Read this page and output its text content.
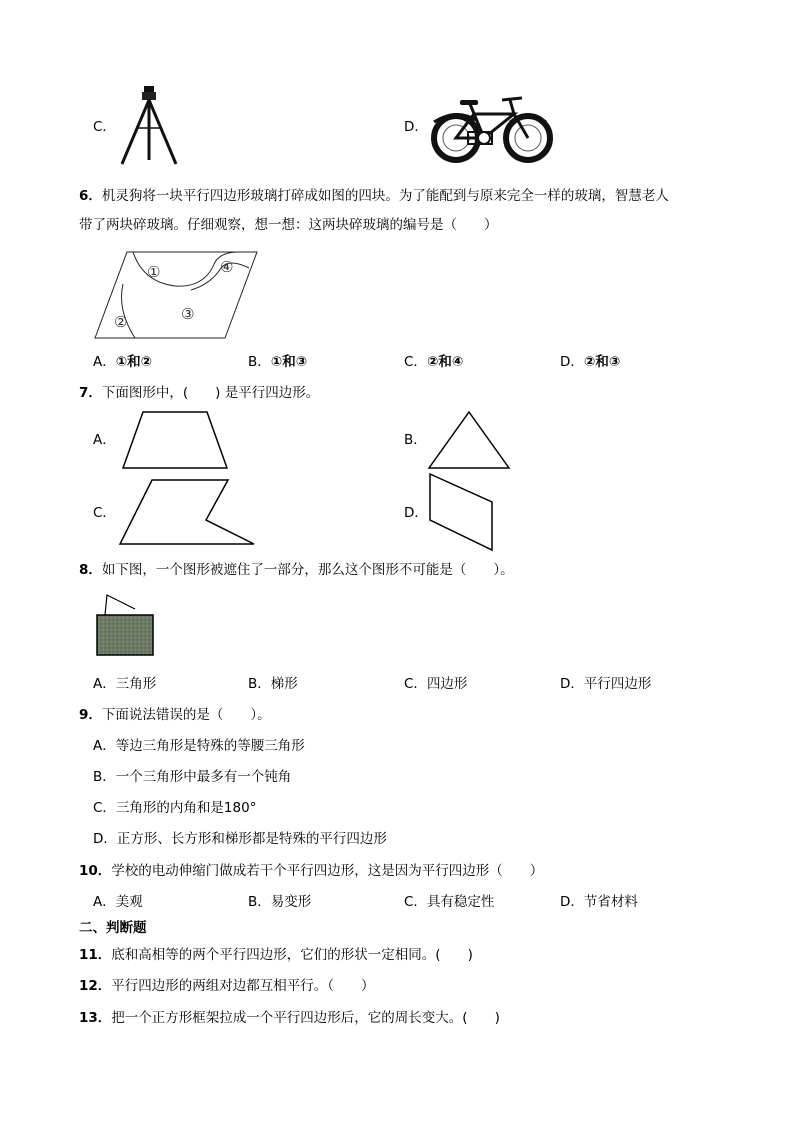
C．	D．
6．机灵狗将一块平行四边形玻璃打碎成如图的四块。为了能配到与原来完全一样的玻璃，智慧老人
带了两块碎玻璃。仔细观察，想一想：这两块碎玻璃的编号是（　　）
①
②	③
④
A．①和②	B．①和③	C．②和④	D．②和③
7．下面图形中，(　　) 是平行四边形。
A．	B．
C．	D．
8．如下图，一个图形被遮住了一部分，那么这个图形不可能是（　　）。
A．三角形	B．梯形	C．四边形	D．平行四边形
9．下面说法错误的是（　　）。
A．等边三角形是特殊的等腰三角形
B．一个三角形中最多有一个钝角
C．三角形的内角和是180°
D．正方形、长方形和梯形都是特殊的平行四边形
10．学校的电动伸缩门做成若干个平行四边形，这是因为平行四边形（　　）
A．美观	B．易变形	C．具有稳定性	D．节省材料
二、判断题
11．底和高相等的两个平行四边形，它们的形状一定相同。(　　)
12．平行四边形的两组对边都互相平行。（　　）
13．把一个正方形框架拉成一个平行四边形后，它的周长变大。(　　)
